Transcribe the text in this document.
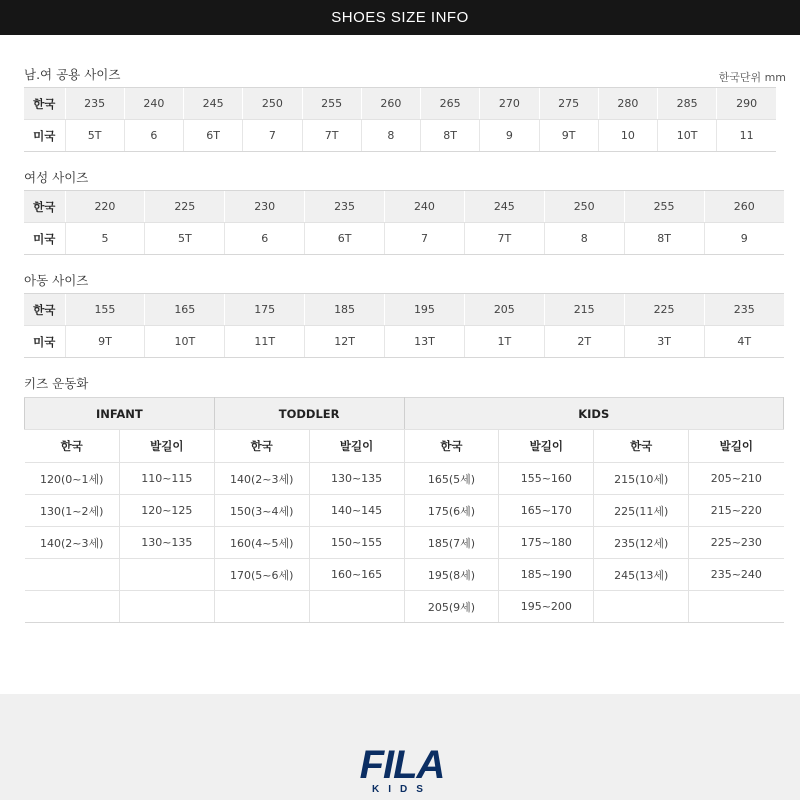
SHOES SIZE INFO
남.여 공용 사이즈	한국단위 mm
한국	235	240	245	250	255	260	265	270	275	280	285	290
미국	5T	6	6T	7	7T	8	8T	9	9T	10	10T	11
여성 사이즈
한국	220	225	230	235	240	245	250	255	260
미국	5	5T	6	6T	7	7T	8	8T	9
아동 사이즈
한국	155	165	175	185	195	205	215	225	235
미국	9T	10T	11T	12T	13T	1T	2T	3T	4T
키즈 운동화
INFANT		TODDLER		KIDS			
한국	발길이	한국	발길이	한국	발길이	한국	발길이
120(0~1세)	110~115	140(2~3세)	130~135	165(5세)	155~160	215(10세)	205~210
130(1~2세)	120~125	150(3~4세)	140~145	175(6세)	165~170	225(11세)	215~220
140(2~3세)	130~135	160(4~5세)	150~155	185(7세)	175~180	235(12세)	225~230
		170(5~6세)	160~165	195(8세)	185~190	245(13세)	235~240
				205(9세)	195~200		
FILA
KIDS
